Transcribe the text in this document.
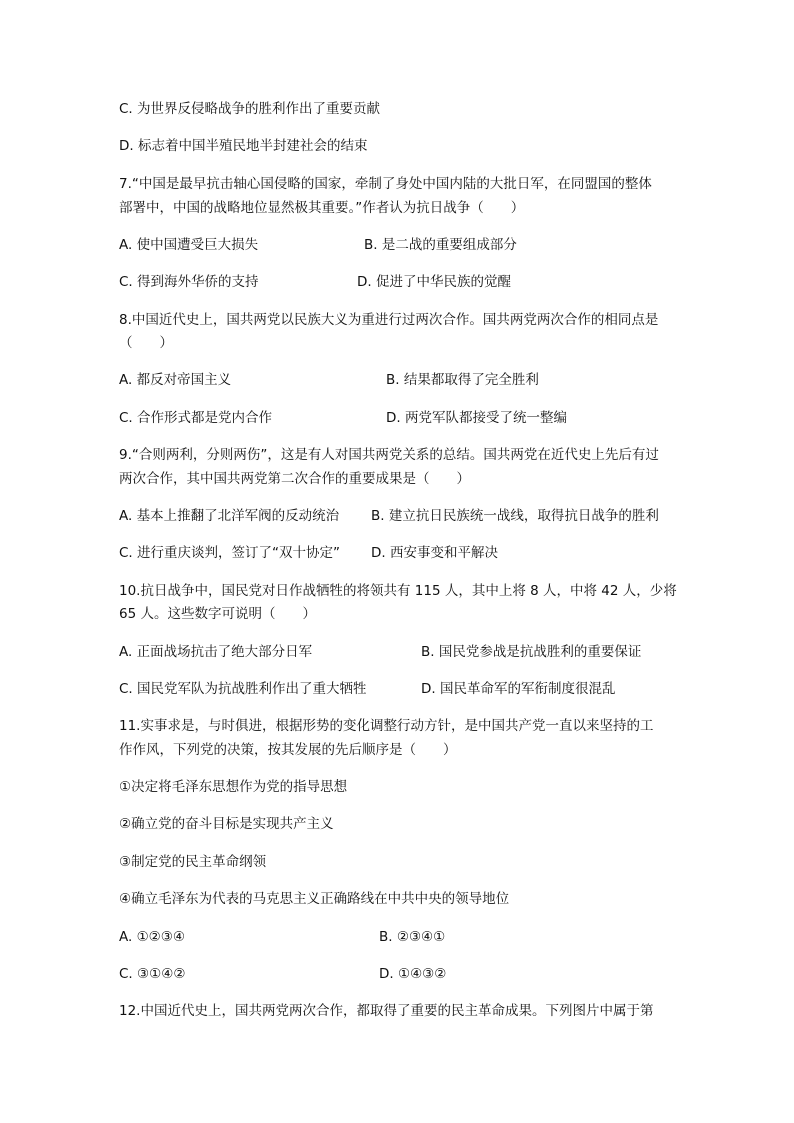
C. 为世界反侵略战争的胜利作出了重要贡献
D. 标志着中国半殖民地半封建社会的结束
7.“中国是最早抗击轴心国侵略的国家，牵制了身处中国内陆的大批日军，在同盟国的整体
部署中，中国的战略地位显然极其重要。”作者认为抗日战争（　　）
A. 使中国遭受巨大损失	B. 是二战的重要组成部分
C. 得到海外华侨的支持	D. 促进了中华民族的觉醒
8.中国近代史上，国共两党以民族大义为重进行过两次合作。国共两党两次合作的相同点是
（　　）
A. 都反对帝国主义	B. 结果都取得了完全胜利
C. 合作形式都是党内合作	D. 两党军队都接受了统一整编
9.“合则两利，分则两伤”，这是有人对国共两党关系的总结。国共两党在近代史上先后有过
两次合作，其中国共两党第二次合作的重要成果是（　　）
A. 基本上推翻了北洋军阀的反动统治 B. 建立抗日民族统一战线，取得抗日战争的胜利
C. 进行重庆谈判，签订了“双十协定” D. 西安事变和平解决
10.抗日战争中，国民党对日作战牺牲的将领共有 115 人，其中上将 8 人，中将 42 人，少将
65 人。这些数字可说明（　　）
A. 正面战场抗击了绝大部分日军	B. 国民党参战是抗战胜利的重要保证
C. 国民党军队为抗战胜利作出了重大牺牲	D. 国民革命军的军衔制度很混乱
11.实事求是，与时俱进，根据形势的变化调整行动方针，是中国共产党一直以来坚持的工
作作风，下列党的决策，按其发展的先后顺序是（　　）
①决定将毛泽东思想作为党的指导思想
②确立党的奋斗目标是实现共产主义
③制定党的民主革命纲领
④确立毛泽东为代表的马克思主义正确路线在中共中央的领导地位
A. ①②③④	B. ②③④①
C. ③①④②	D. ①④③②
12.中国近代史上，国共两党两次合作，都取得了重要的民主革命成果。下列图片中属于第
